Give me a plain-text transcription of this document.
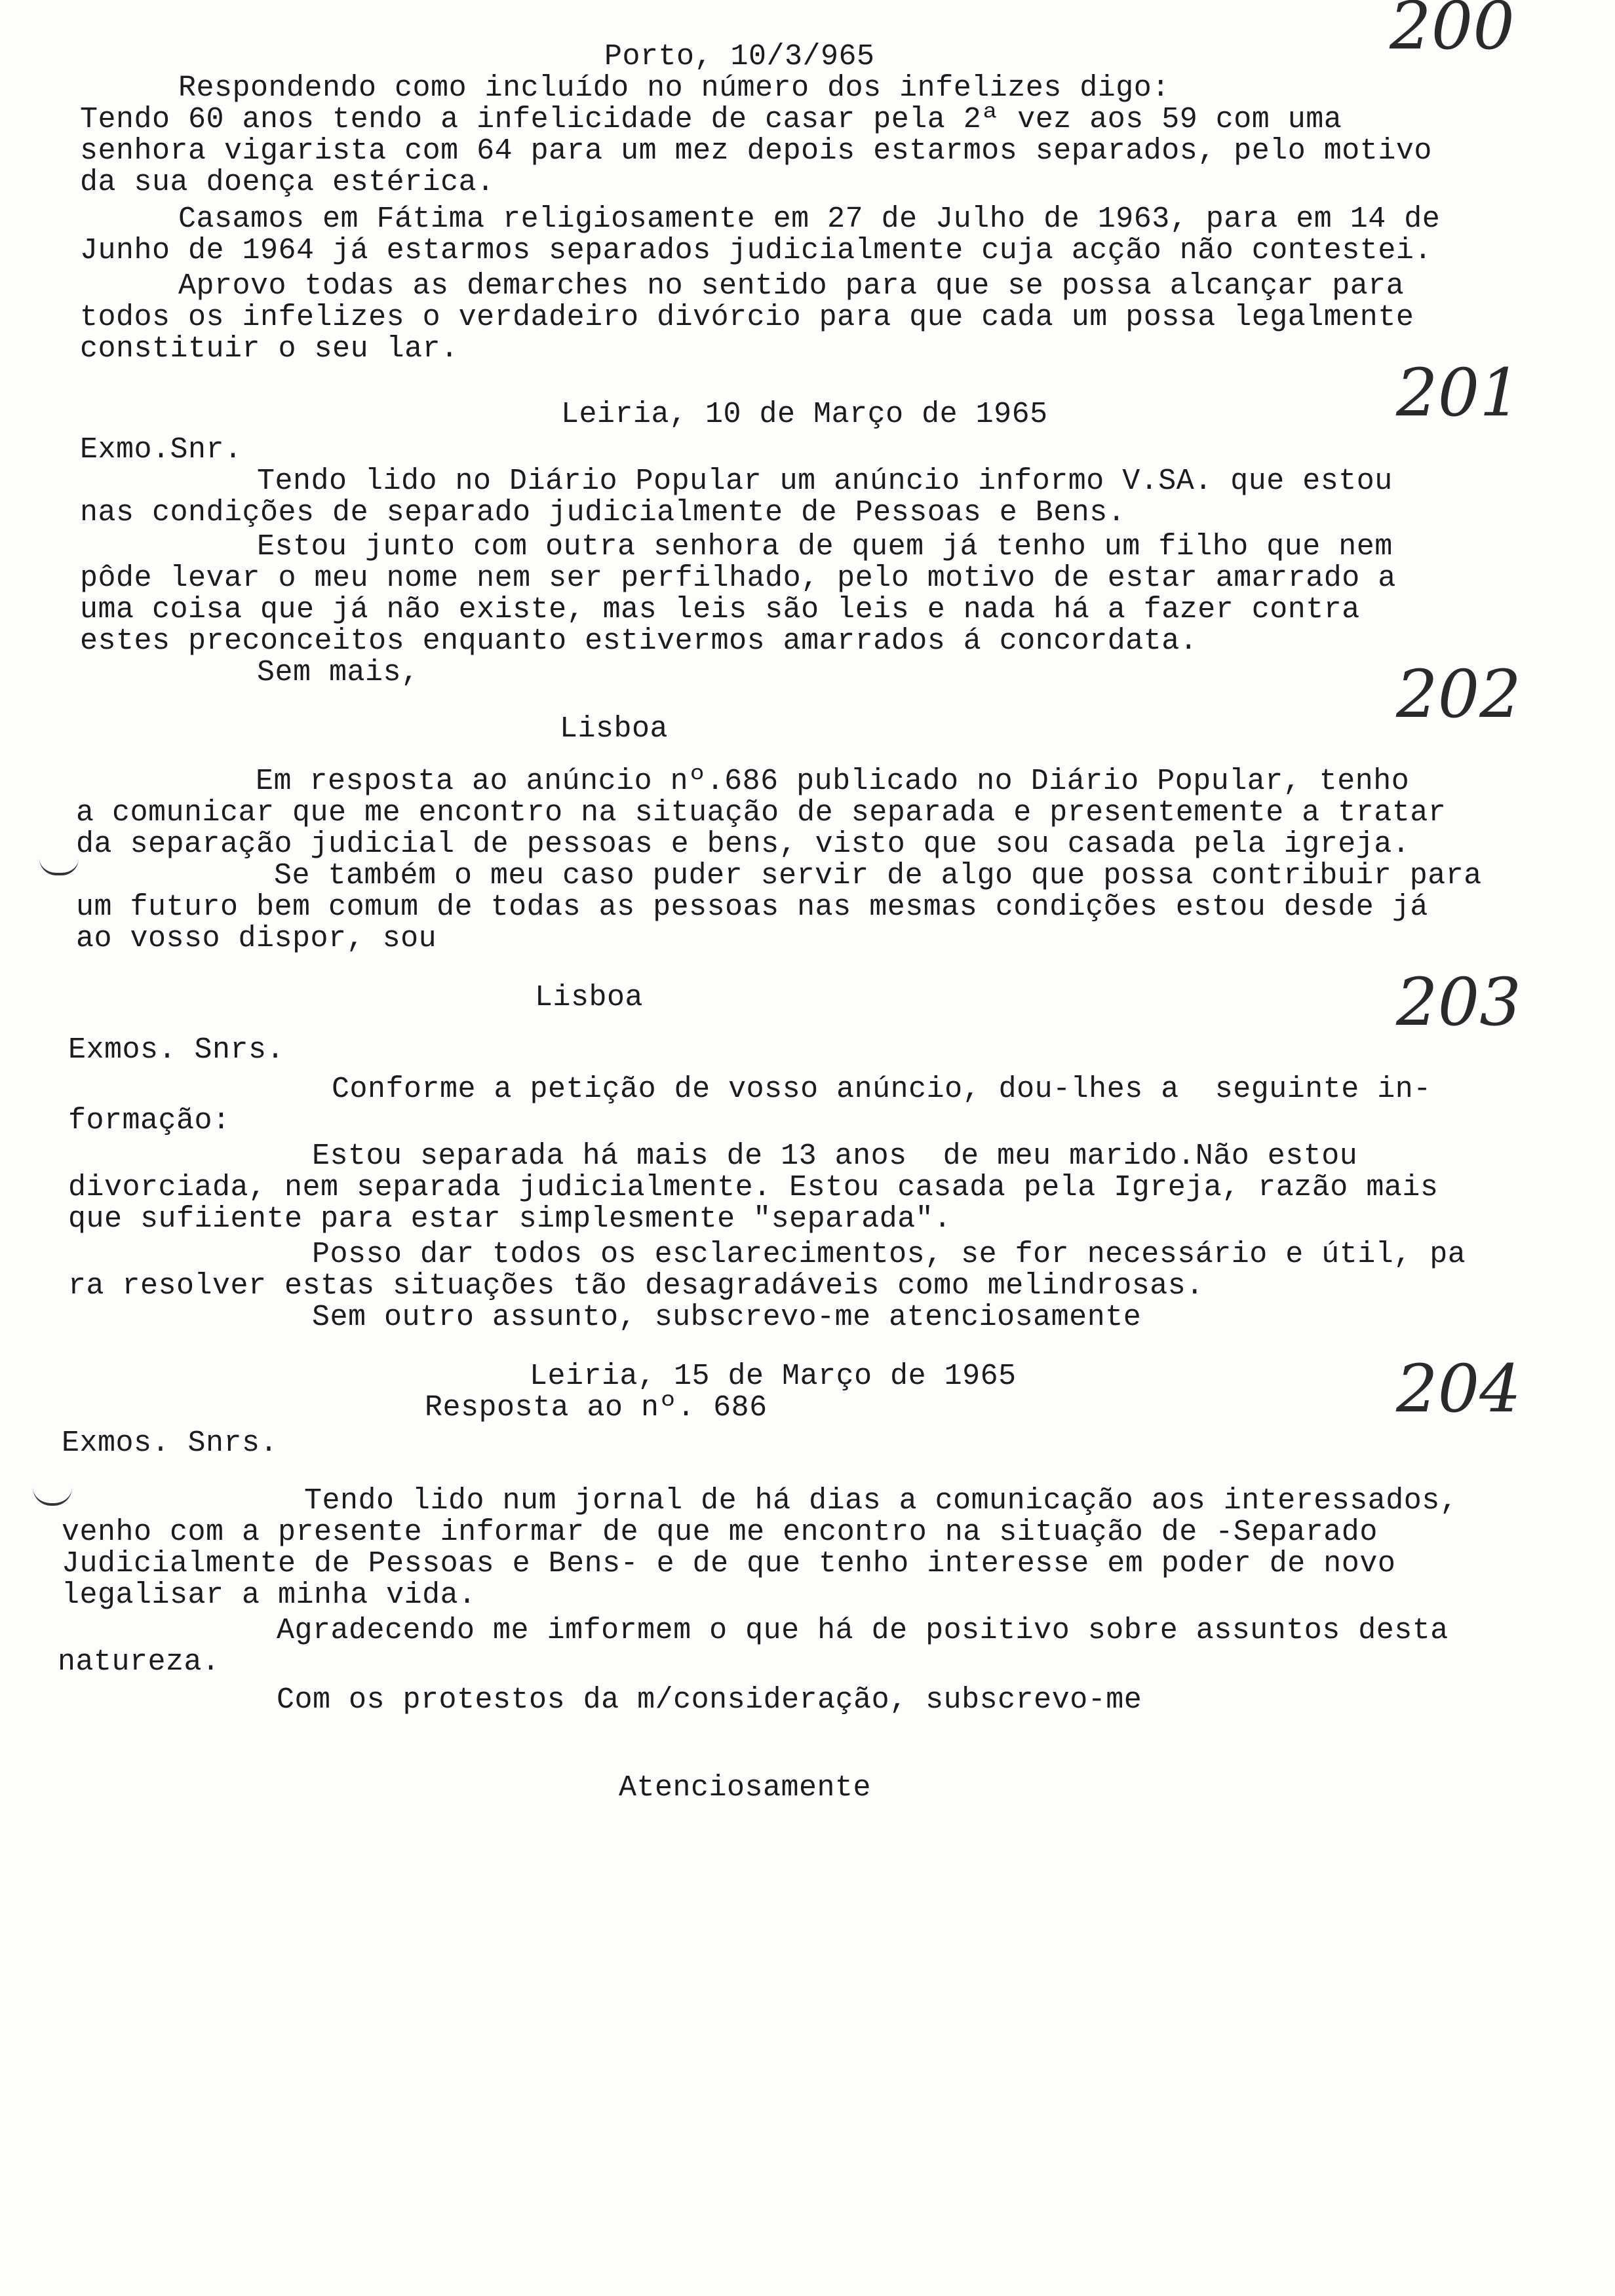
200
201
202
203
204
Porto, 10/3/965
Respondendo como incluído no número dos infelizes digo:
Tendo 60 anos tendo a infelicidade de casar pela 2ª vez aos 59 com uma
senhora vigarista com 64 para um mez depois estarmos separados, pelo motivo
da sua doença estérica.
Casamos em Fátima religiosamente em 27 de Julho de 1963, para em 14 de
Junho de 1964 já estarmos separados judicialmente cuja acção não contestei.
Aprovo todas as demarches no sentido para que se possa alcançar para
todos os infelizes o verdadeiro divórcio para que cada um possa legalmente
constituir o seu lar.
Leiria, 10 de Março de 1965
Exmo.Snr.
Tendo lido no Diário Popular um anúncio informo V.SA. que estou
nas condições de separado judicialmente de Pessoas e Bens.
Estou junto com outra senhora de quem já tenho um filho que nem
pôde levar o meu nome nem ser perfilhado, pelo motivo de estar amarrado a
uma coisa que já não existe, mas leis são leis e nada há a fazer contra
estes preconceitos enquanto estivermos amarrados á concordata.
Sem mais,
Lisboa
Em resposta ao anúncio nº.686 publicado no Diário Popular, tenho
a comunicar que me encontro na situação de separada e presentemente a tratar
da separação judicial de pessoas e bens, visto que sou casada pela igreja.
Se também o meu caso puder servir de algo que possa contribuir para
um futuro bem comum de todas as pessoas nas mesmas condições estou desde já
ao vosso dispor, sou
Lisboa
Exmos. Snrs.
Conforme a petição de vosso anúncio, dou-lhes a  seguinte in-
formação:
Estou separada há mais de 13 anos  de meu marido.Não estou
divorciada, nem separada judicialmente. Estou casada pela Igreja, razão mais
que sufiiente para estar simplesmente "separada".
Posso dar todos os esclarecimentos, se for necessário e útil, pa
ra resolver estas situações tão desagradáveis como melindrosas.
Sem outro assunto, subscrevo-me atenciosamente
Leiria, 15 de Março de 1965
Resposta ao nº. 686
Exmos. Snrs.
Tendo lido num jornal de há dias a comunicação aos interessados,
venho com a presente informar de que me encontro na situação de -Separado
Judicialmente de Pessoas e Bens- e de que tenho interesse em poder de novo
legalisar a minha vida.
Agradecendo me imformem o que há de positivo sobre assuntos desta
natureza.
Com os protestos da m/consideração, subscrevo-me
Atenciosamente
